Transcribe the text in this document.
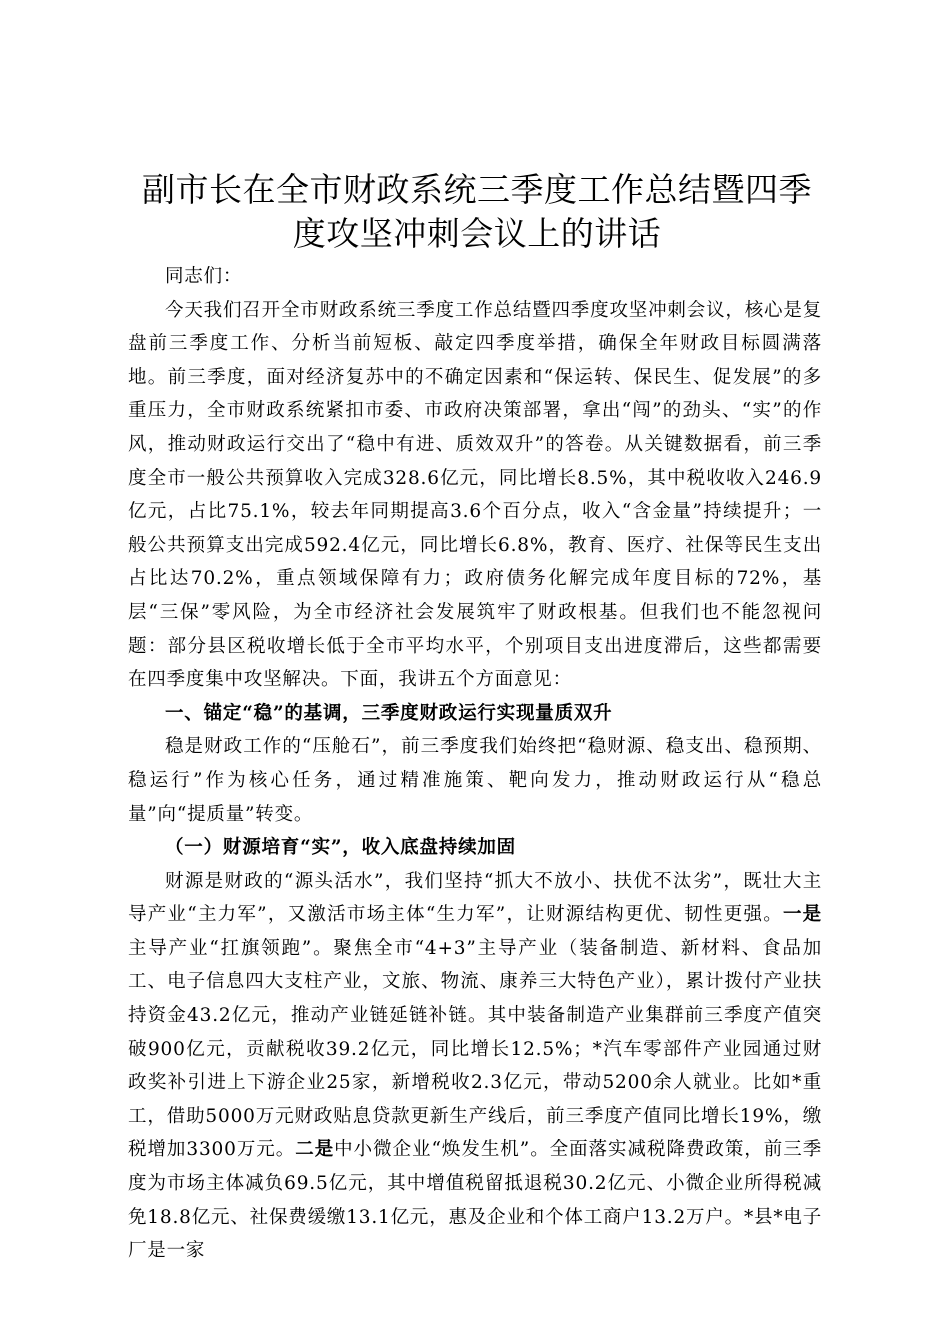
副市长在全市财政系统三季度工作总结暨四季度攻坚冲刺会议上的讲话

同志们：

今天我们召开全市财政系统三季度工作总结暨四季度攻坚冲刺会议，核心是复盘前三季度工作、分析当前短板、敲定四季度举措，确保全年财政目标圆满落地。前三季度，面对经济复苏中的不确定因素和“保运转、保民生、促发展”的多重压力，全市财政系统紧扣市委、市政府决策部署，拿出“闯”的劲头、“实”的作风，推动财政运行交出了“稳中有进、质效双升”的答卷。从关键数据看，前三季度全市一般公共预算收入完成328.6亿元，同比增长8.5%，其中税收收入246.9亿元，占比75.1%，较去年同期提高3.6个百分点，收入“含金量”持续提升；一般公共预算支出完成592.4亿元，同比增长6.8%，教育、医疗、社保等民生支出占比达70.2%，重点领域保障有力；政府债务化解完成年度目标的72%，基层“三保”零风险，为全市经济社会发展筑牢了财政根基。但我们也不能忽视问题：部分县区税收增长低于全市平均水平，个别项目支出进度滞后，这些都需要在四季度集中攻坚解决。下面，我讲五个方面意见：

一、锚定“稳”的基调，三季度财政运行实现量质双升

稳是财政工作的“压舱石”，前三季度我们始终把“稳财源、稳支出、稳预期、稳运行”作为核心任务，通过精准施策、靶向发力，推动财政运行从“稳总量”向“提质量”转变。

（一）财源培育“实”，收入底盘持续加固

财源是财政的“源头活水”，我们坚持“抓大不放小、扶优不汰劣”，既壮大主导产业“主力军”，又激活市场主体“生力军”，让财源结构更优、韧性更强。一是主导产业“扛旗领跑”。聚焦全市“4+3”主导产业（装备制造、新材料、食品加工、电子信息四大支柱产业，文旅、物流、康养三大特色产业），累计拨付产业扶持资金43.2亿元，推动产业链延链补链。其中装备制造产业集群前三季度产值突破900亿元，贡献税收39.2亿元，同比增长12.5%；*汽车零部件产业园通过财政奖补引进上下游企业25家，新增税收2.3亿元，带动5200余人就业。比如*重工，借助5000万元财政贴息贷款更新生产线后，前三季度产值同比增长19%，缴税增加3300万元。二是中小微企业“焕发生机”。全面落实减税降费政策，前三季度为市场主体减负69.5亿元，其中增值税留抵退税30.2亿元、小微企业所得税减免18.8亿元、社保费缓缴13.1亿元，惠及企业和个体工商户13.2万户。*县*电子厂是一家
